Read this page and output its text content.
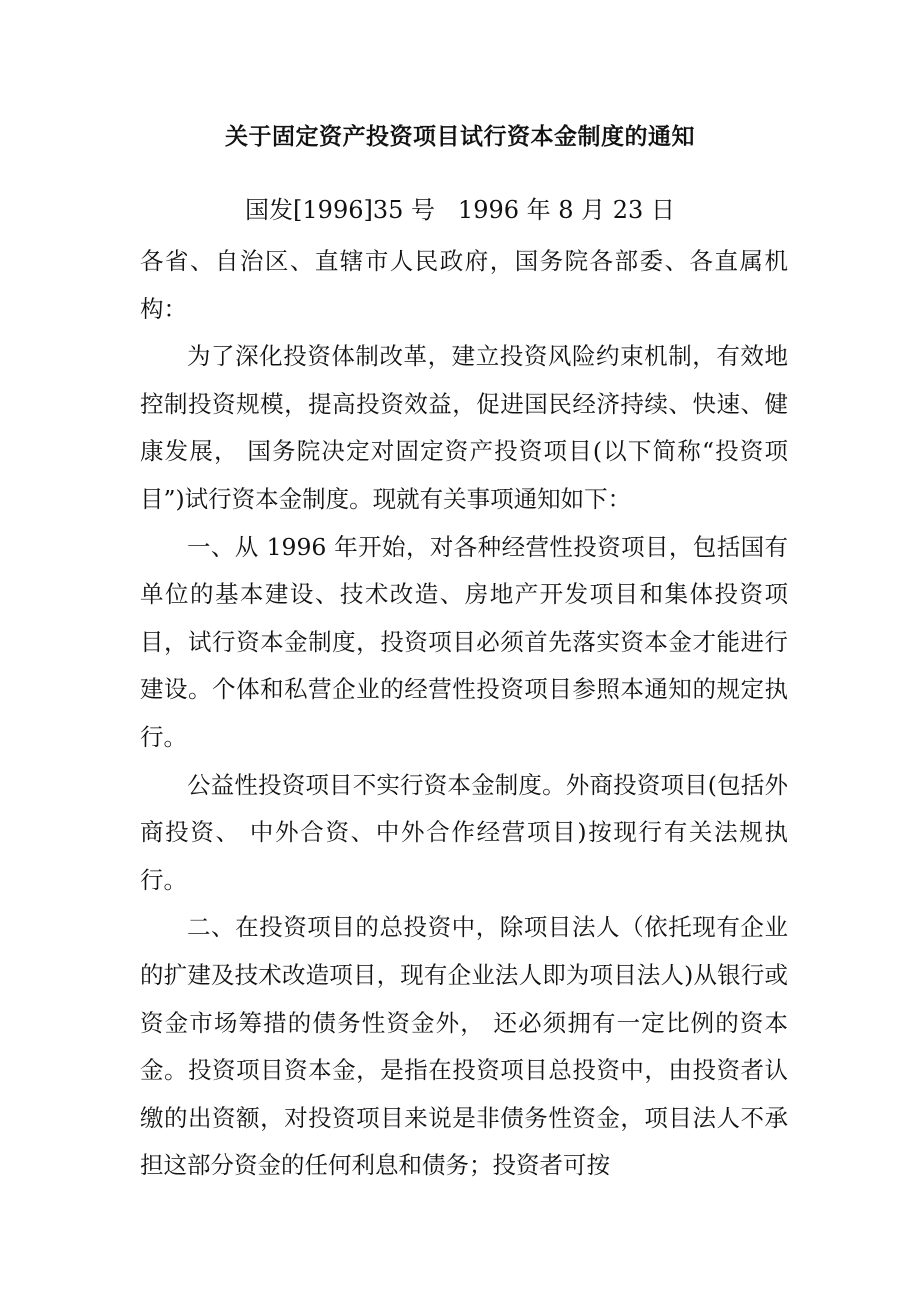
关于固定资产投资项目试行资本金制度的通知
国发[1996]35 号 1996 年 8 月 23 日

各省、自治区、直辖市人民政府，国务院各部委、各直属机构：

为了深化投资体制改革，建立投资风险约束机制，有效地控制投资规模，提高投资效益，促进国民经济持续、快速、健康发展， 国务院决定对固定资产投资项目(以下简称“投资项目”)试行资本金制度。现就有关事项通知如下：

一、从 1996 年开始，对各种经营性投资项目，包括国有单位的基本建设、技术改造、房地产开发项目和集体投资项目，试行资本金制度，投资项目必须首先落实资本金才能进行建设。个体和私营企业的经营性投资项目参照本通知的规定执行。

公益性投资项目不实行资本金制度。外商投资项目(包括外商投资、 中外合资、中外合作经营项目)按现行有关法规执行。

二、在投资项目的总投资中，除项目法人（依托现有企业的扩建及技术改造项目，现有企业法人即为项目法人)从银行或资金市场筹措的债务性资金外， 还必须拥有一定比例的资本金。投资项目资本金，是指在投资项目总投资中，由投资者认缴的出资额，对投资项目来说是非债务性资金，项目法人不承担这部分资金的任何利息和债务；投资者可按
